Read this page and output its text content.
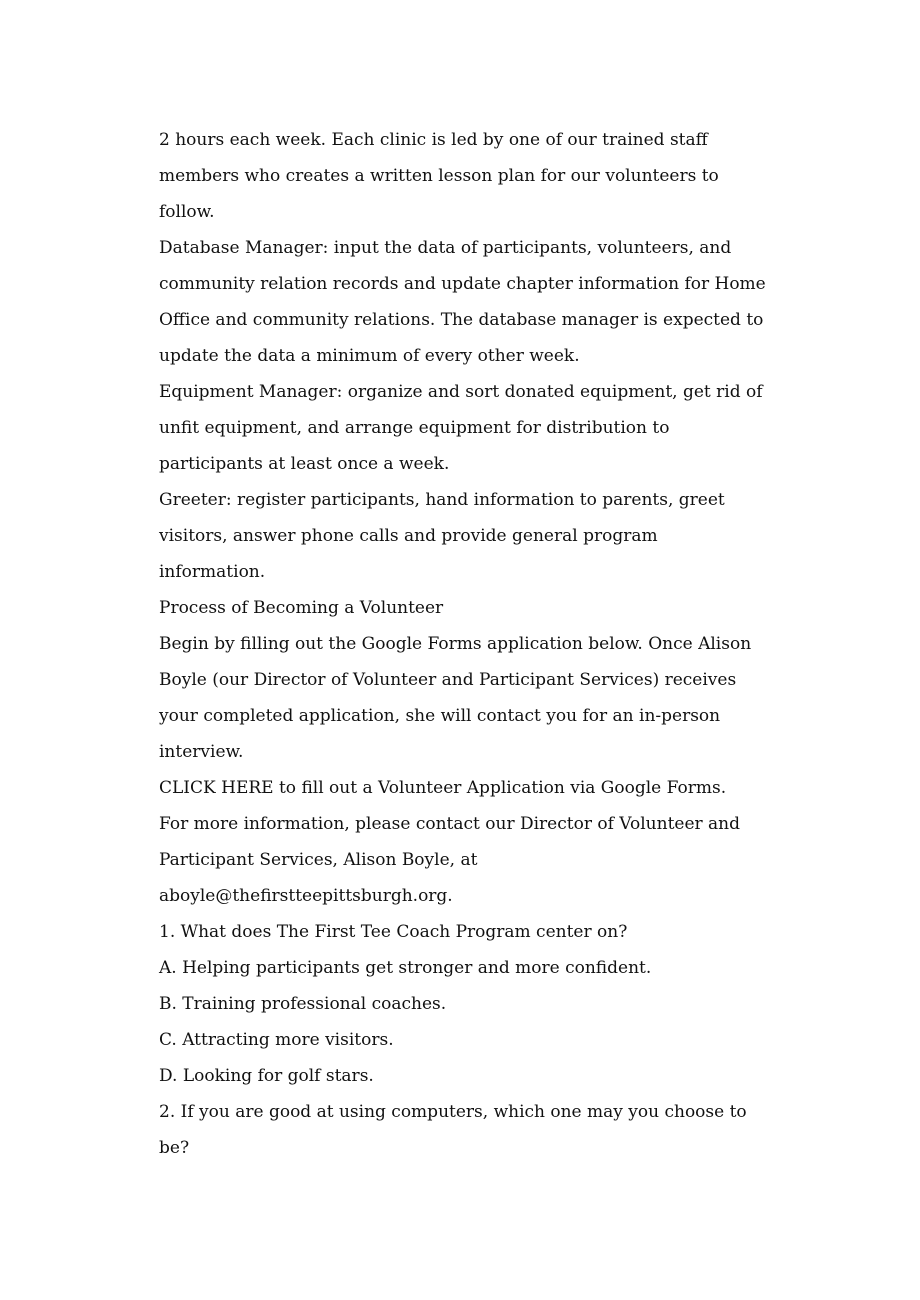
2 hours each week. Each clinic is led by one of our trained staff
members who creates a written lesson plan for our volunteers to
follow.
Database Manager: input the data of participants, volunteers, and
community relation records and update chapter information for Home
Office and community relations. The database manager is expected to
update the data a minimum of every other week.
Equipment Manager: organize and sort donated equipment, get rid of
unfit equipment, and arrange equipment for distribution to
participants at least once a week.
Greeter: register participants, hand information to parents, greet
visitors, answer phone calls and provide general program
information.
Process of Becoming a Volunteer
Begin by filling out the Google Forms application below. Once Alison
Boyle (our Director of Volunteer and Participant Services) receives
your completed application, she will contact you for an in-person
interview.
CLICK HERE to fill out a Volunteer Application via Google Forms.
For more information, please contact our Director of Volunteer and
Participant Services, Alison Boyle, at
aboyle@thefirstteepittsburgh.org.
1. What does The First Tee Coach Program center on?
A. Helping participants get stronger and more confident.
B. Training professional coaches.
C. Attracting more visitors.
D. Looking for golf stars.
2. If you are good at using computers, which one may you choose to
be?
